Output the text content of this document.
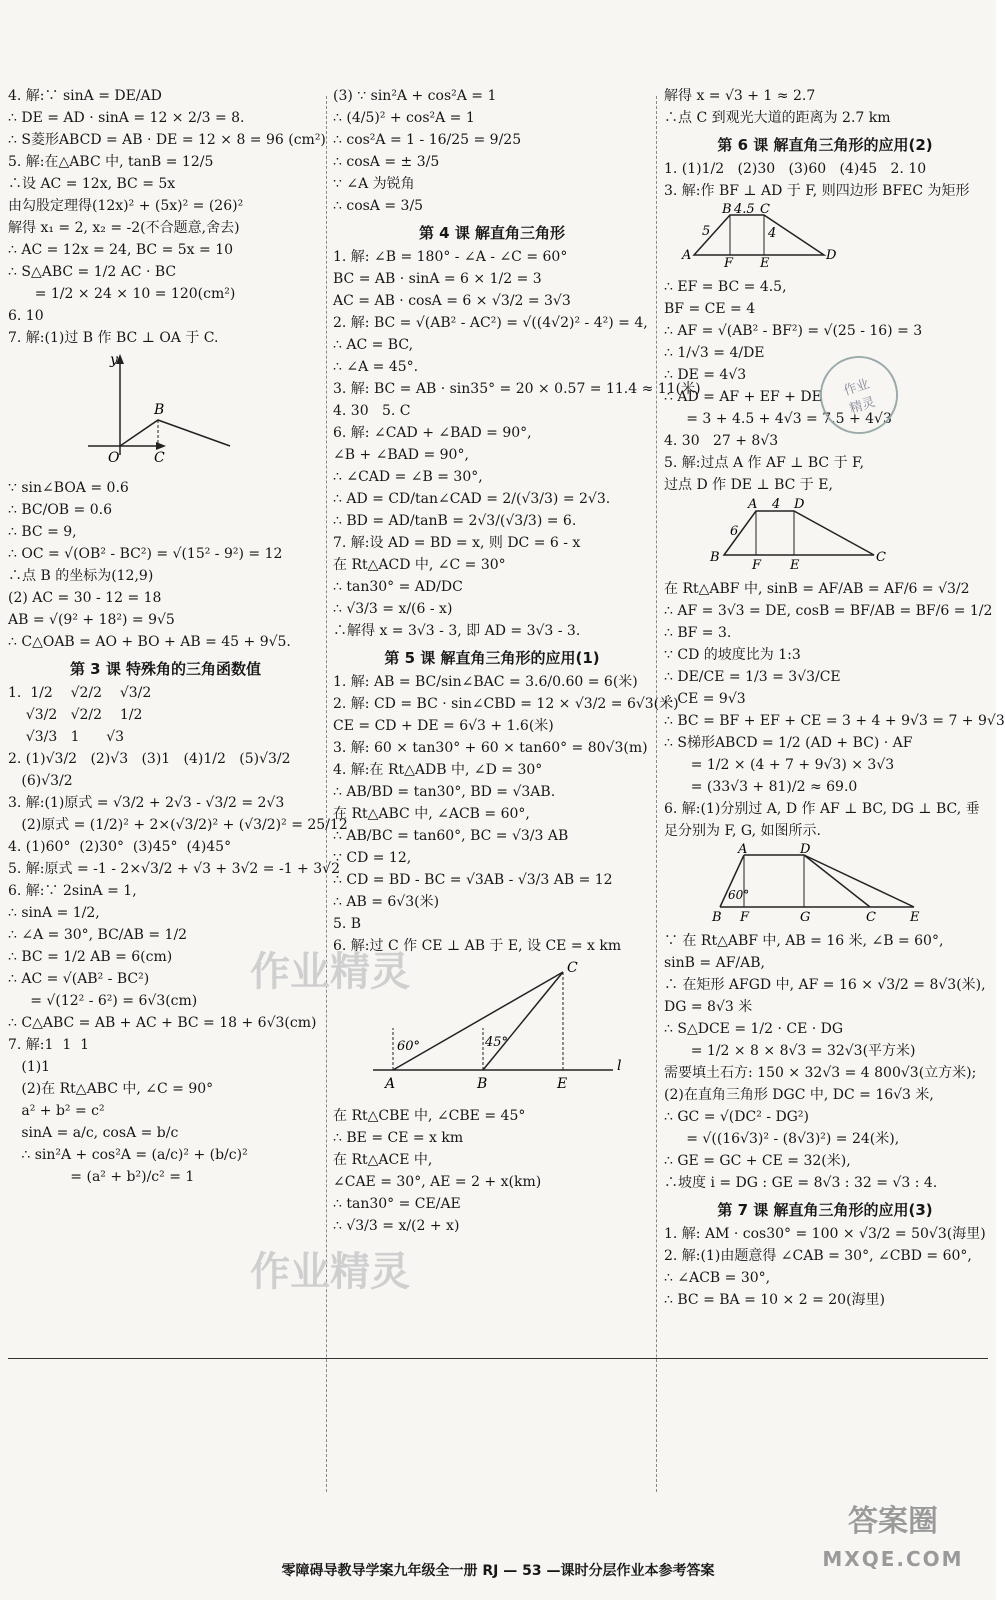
4. 解:∵ sinA = DE/AD
∴ DE = AD · sinA = 12 × 2/3 = 8.
∴ S菱形ABCD = AB · DE = 12 × 8 = 96 (cm²)
5. 解:在△ABC 中, tanB = 12/5
∴设 AC = 12x, BC = 5x
由勾股定理得(12x)² + (5x)² = (26)²
解得 x₁ = 2, x₂ = -2(不合题意,舍去)
∴ AC = 12x = 24, BC = 5x = 10
∴ S△ABC = 1/2 AC · BC
= 1/2 × 24 × 10 = 120(cm²)
6. 10
7. 解:(1)过 B 作 BC ⊥ OA 于 C.
y
B
O C

∵ sin∠BOA = 0.6
∴ BC/OB = 0.6
∴ BC = 9,
∴ OC = √(OB² - BC²) = √(15² - 9²) = 12
∴点 B 的坐标为(12,9)
(2) AC = 30 - 12 = 18
AB = √(9² + 18²) = 9√5
∴ C△OAB = AO + BO + AB = 45 + 9√5.
第 3 课 特殊角的三角函数值
1.  1/2    √2/2    √3/2
√3/2   √2/2    1/2
√3/3   1      √3
2. (1)√3/2   (2)√3   (3)1   (4)1/2   (5)√3/2
(6)√3/2
3. 解:(1)原式 = √3/2 + 2√3 - √3/2 = 2√3
(2)原式 = (1/2)² + 2×(√3/2)² + (√3/2)² = 25/12
4. (1)60°  (2)30°  (3)45°  (4)45°
5. 解:原式 = -1 - 2×√3/2 + √3 + 3√2 = -1 + 3√2
6. 解:∵ 2sinA = 1,
∴ sinA = 1/2,
∴ ∠A = 30°, BC/AB = 1/2
∴ BC = 1/2 AB = 6(cm)
∴ AC = √(AB² - BC²)
= √(12² - 6²) = 6√3(cm)
∴ C△ABC = AB + AC + BC = 18 + 6√3(cm)
7. 解:1  1  1
(1)1
(2)在 Rt△ABC 中, ∠C = 90°
a² + b² = c²
sinA = a/c, cosA = b/c
∴ sin²A + cos²A = (a/c)² + (b/c)²
= (a² + b²)/c² = 1
(3) ∵ sin²A + cos²A = 1
∴ (4/5)² + cos²A = 1
∴ cos²A = 1 - 16/25 = 9/25
∴ cosA = ± 3/5
∵ ∠A 为锐角
∴ cosA = 3/5
第 4 课 解直角三角形
1. 解: ∠B = 180° - ∠A - ∠C = 60°
BC = AB · sinA = 6 × 1/2 = 3
AC = AB · cosA = 6 × √3/2 = 3√3
2. 解: BC = √(AB² - AC²) = √((4√2)² - 4²) = 4,
∴ AC = BC,
∴ ∠A = 45°.
3. 解: BC = AB · sin35° = 20 × 0.57 = 11.4 ≈ 11(米)
4. 30   5. C
6. 解: ∠CAD + ∠BAD = 90°,
∠B + ∠BAD = 90°,
∴ ∠CAD = ∠B = 30°,
∴ AD = CD/tan∠CAD = 2/(√3/3) = 2√3.
∴ BD = AD/tanB = 2√3/(√3/3) = 6.
7. 解:设 AD = BD = x, 则 DC = 6 - x
在 Rt△ACD 中, ∠C = 30°
∴ tan30° = AD/DC
∴ √3/3 = x/(6 - x)
∴解得 x = 3√3 - 3, 即 AD = 3√3 - 3.
第 5 课 解直角三角形的应用(1)
1. 解: AB = BC/sin∠BAC = 3.6/0.60 = 6(米)
2. 解: CD = BC · sin∠CBD = 12 × √3/2 = 6√3(米)
CE = CD + DE = 6√3 + 1.6(米)
3. 解: 60 × tan30° + 60 × tan60° = 80√3(m)
4. 解:在 Rt△ADB 中, ∠D = 30°
∴ AB/BD = tan30°, BD = √3AB.
在 Rt△ABC 中, ∠ACB = 60°,
∴ AB/BC = tan60°, BC = √3/3 AB
∵ CD = 12,
∴ CD = BD - BC = √3AB - √3/3 AB = 12
∴ AB = 6√3(米)
5. B
6. 解:过 C 作 CE ⊥ AB 于 E, 设 CE = x km
C
A	B	E
l
60°	45°
在 Rt△CBE 中, ∠CBE = 45°
∴ BE = CE = x km
在 Rt△ACE 中,
∠CAE = 30°, AE = 2 + x(km)
∴ tan30° = CE/AE
∴ √3/3 = x/(2 + x)
解得 x = √3 + 1 ≈ 2.7
∴点 C 到观光大道的距离为 2.7 km
第 6 课 解直角三角形的应用(2)
1. (1)1/2   (2)30   (3)60   (4)45   2. 10
3. 解:作 BF ⊥ AD 于 F, 则四边形 BFEC 为矩形
B 4.5 C
5	4
A
F E
D
∴ EF = BC = 4.5,
BF = CE = 4
∴ AF = √(AB² - BF²) = √(25 - 16) = 3
∴ 1/√3 = 4/DE
∴ DE = 4√3
∴ AD = AF + EF + DE
= 3 + 4.5 + 4√3 = 7.5 + 4√3
4. 30   27 + 8√3
5. 解:过点 A 作 AF ⊥ BC 于 F,
过点 D 作 DE ⊥ BC 于 E,
A 4 D
6
B
F E
C
在 Rt△ABF 中, sinB = AF/AB = AF/6 = √3/2
∴ AF = 3√3 = DE, cosB = BF/AB = BF/6 = 1/2
∴ BF = 3.
∵ CD 的坡度比为 1:3
∴ DE/CE = 1/3 = 3√3/CE
∴ CE = 9√3
∴ BC = BF + EF + CE = 3 + 4 + 9√3 = 7 + 9√3
∴ S梯形ABCD = 1/2 (AD + BC) · AF
= 1/2 × (4 + 7 + 9√3) × 3√3
= (33√3 + 81)/2 ≈ 69.0
6. 解:(1)分别过 A, D 作 AF ⊥ BC, DG ⊥ BC, 垂
足分别为 F, G, 如图所示.
A	D
60°
B F	G	C	E
∵ 在 Rt△ABF 中, AB = 16 米, ∠B = 60°,
sinB = AF/AB,
∴ 在矩形 AFGD 中, AF = 16 × √3/2 = 8√3(米),
DG = 8√3 米
∴ S△DCE = 1/2 · CE · DG
= 1/2 × 8 × 8√3 = 32√3(平方米)
需要填土石方: 150 × 32√3 = 4 800√3(立方米);
(2)在直角三角形 DGC 中, DC = 16√3 米,
∴ GC = √(DC² - DG²)
= √((16√3)² - (8√3)²) = 24(米),
∴ GE = GC + CE = 32(米),
∴坡度 i = DG : GE = 8√3 : 32 = √3 : 4.
第 7 课 解直角三角形的应用(3)
1. 解: AM · cos30° = 100 × √3/2 = 50√3(海里)
2. 解:(1)由题意得 ∠CAB = 30°, ∠CBD = 60°,
∴ ∠ACB = 30°,
∴ BC = BA = 10 × 2 = 20(海里)
作业
精灵
作业精灵
作业精灵
零障碍导教导学案九年级全一册 RJ — 53 —课时分层作业本参考答案
答案圈
MXQE.COM
